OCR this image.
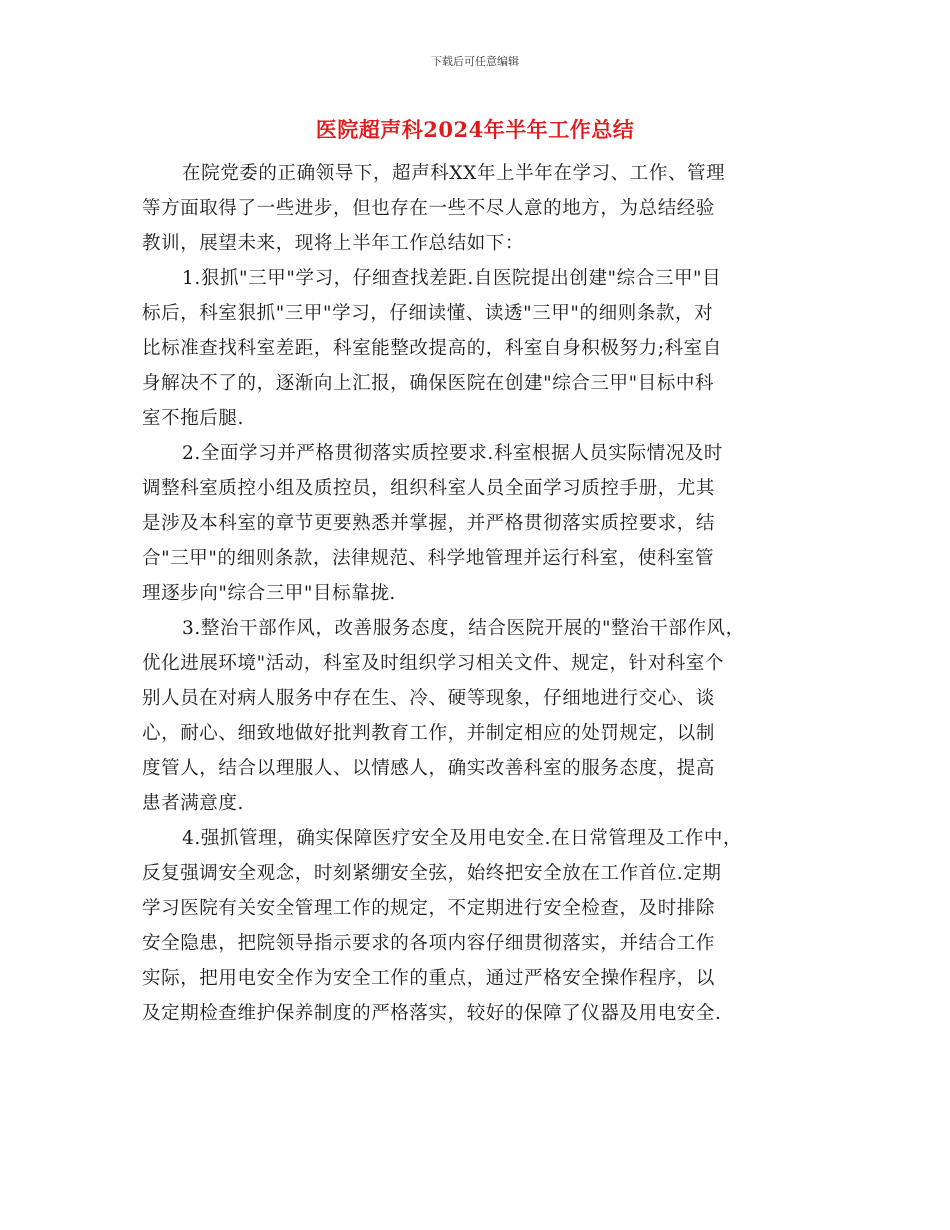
下载后可任意编辑
医院超声科2024年半年工作总结
在院党委的正确领导下，超声科XX年上半年在学习、工作、管理
等方面取得了一些进步，但也存在一些不尽人意的地方，为总结经验
教训，展望未来，现将上半年工作总结如下：
1.狠抓"三甲"学习，仔细查找差距.自医院提出创建"综合三甲"目
标后，科室狠抓"三甲"学习，仔细读懂、读透"三甲"的细则条款，对
比标准查找科室差距，科室能整改提高的，科室自身积极努力;科室自
身解决不了的，逐渐向上汇报，确保医院在创建"综合三甲"目标中科
室不拖后腿.
2.全面学习并严格贯彻落实质控要求.科室根据人员实际情况及时
调整科室质控小组及质控员，组织科室人员全面学习质控手册，尤其
是涉及本科室的章节更要熟悉并掌握，并严格贯彻落实质控要求，结
合"三甲"的细则条款，法律规范、科学地管理并运行科室，使科室管
理逐步向"综合三甲"目标靠拢.
3.整治干部作风，改善服务态度，结合医院开展的"整治干部作风，
优化进展环境"活动，科室及时组织学习相关文件、规定，针对科室个
别人员在对病人服务中存在生、冷、硬等现象，仔细地进行交心、谈
心，耐心、细致地做好批判教育工作，并制定相应的处罚规定，以制
度管人，结合以理服人、以情感人，确实改善科室的服务态度，提高
患者满意度.
4.强抓管理，确实保障医疗安全及用电安全.在日常管理及工作中，
反复强调安全观念，时刻紧绷安全弦，始终把安全放在工作首位.定期
学习医院有关安全管理工作的规定，不定期进行安全检查，及时排除
安全隐患，把院领导指示要求的各项内容仔细贯彻落实，并结合工作
实际，把用电安全作为安全工作的重点，通过严格安全操作程序，以
及定期检查维护保养制度的严格落实，较好的保障了仪器及用电安全.
